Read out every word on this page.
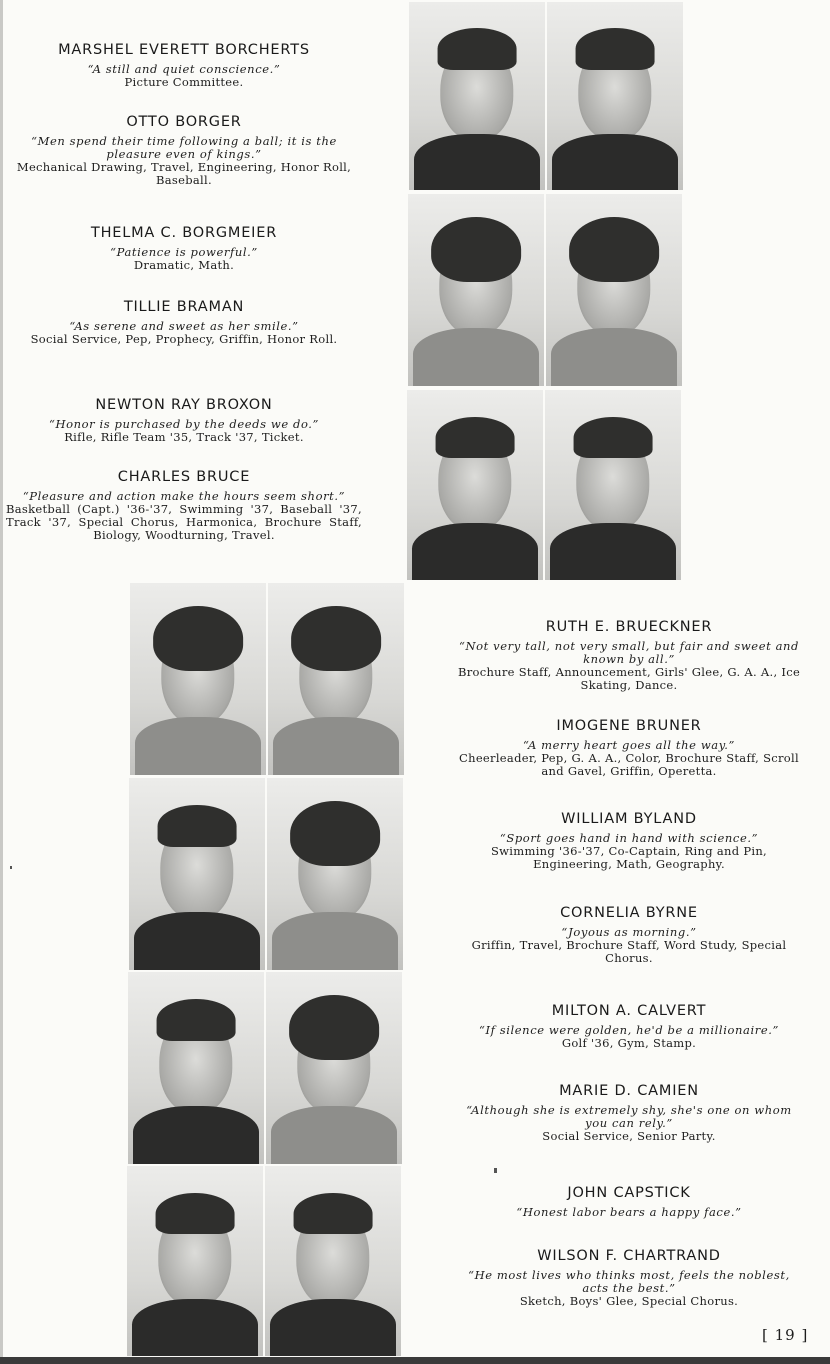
MARSHEL EVERETT BORCHERTS
“A still and quiet conscience.”
Picture Committee.
OTTO BORGER
“Men spend their time following a ball; it is the pleasure even of kings.”
Mechanical Drawing, Travel, Engineering, Honor Roll, Baseball.
THELMA C. BORGMEIER
“Patience is powerful.”
Dramatic, Math.
TILLIE BRAMAN
“As serene and sweet as her smile.”
Social Service, Pep, Prophecy, Griffin, Honor Roll.
NEWTON RAY BROXON
“Honor is purchased by the deeds we do.”
Rifle, Rifle Team '35, Track '37, Ticket.
CHARLES BRUCE
“Pleasure and action make the hours seem short.”
Basketball (Capt.) '36-'37, Swimming '37, Baseball '37, Track '37, Special Chorus, Harmonica, Brochure Staff, Biology, Woodturning, Travel.
RUTH E. BRUECKNER
“Not very tall, not very small, but fair and sweet and known by all.”
Brochure Staff, Announcement, Girls' Glee, G. A. A., Ice Skating, Dance.
IMOGENE BRUNER
“A merry heart goes all the way.”
Cheerleader, Pep, G. A. A., Color, Brochure Staff, Scroll and Gavel, Griffin, Operetta.
WILLIAM BYLAND
“Sport goes hand in hand with science.”
Swimming '36-'37, Co-Captain, Ring and Pin, Engineering, Math, Geography.
CORNELIA BYRNE
“Joyous as morning.”
Griffin, Travel, Brochure Staff, Word Study, Special Chorus.
MILTON A. CALVERT
“If silence were golden, he'd be a millionaire.”
Golf '36, Gym, Stamp.
MARIE D. CAMIEN
“Although she is extremely shy, she's one on whom you can rely.”
Social Service, Senior Party.
JOHN CAPSTICK
“Honest labor bears a happy face.”
WILSON F. CHARTRAND
“He most lives who thinks most, feels the noblest, acts the best.”
Sketch, Boys' Glee, Special Chorus.
[ 19 ]
